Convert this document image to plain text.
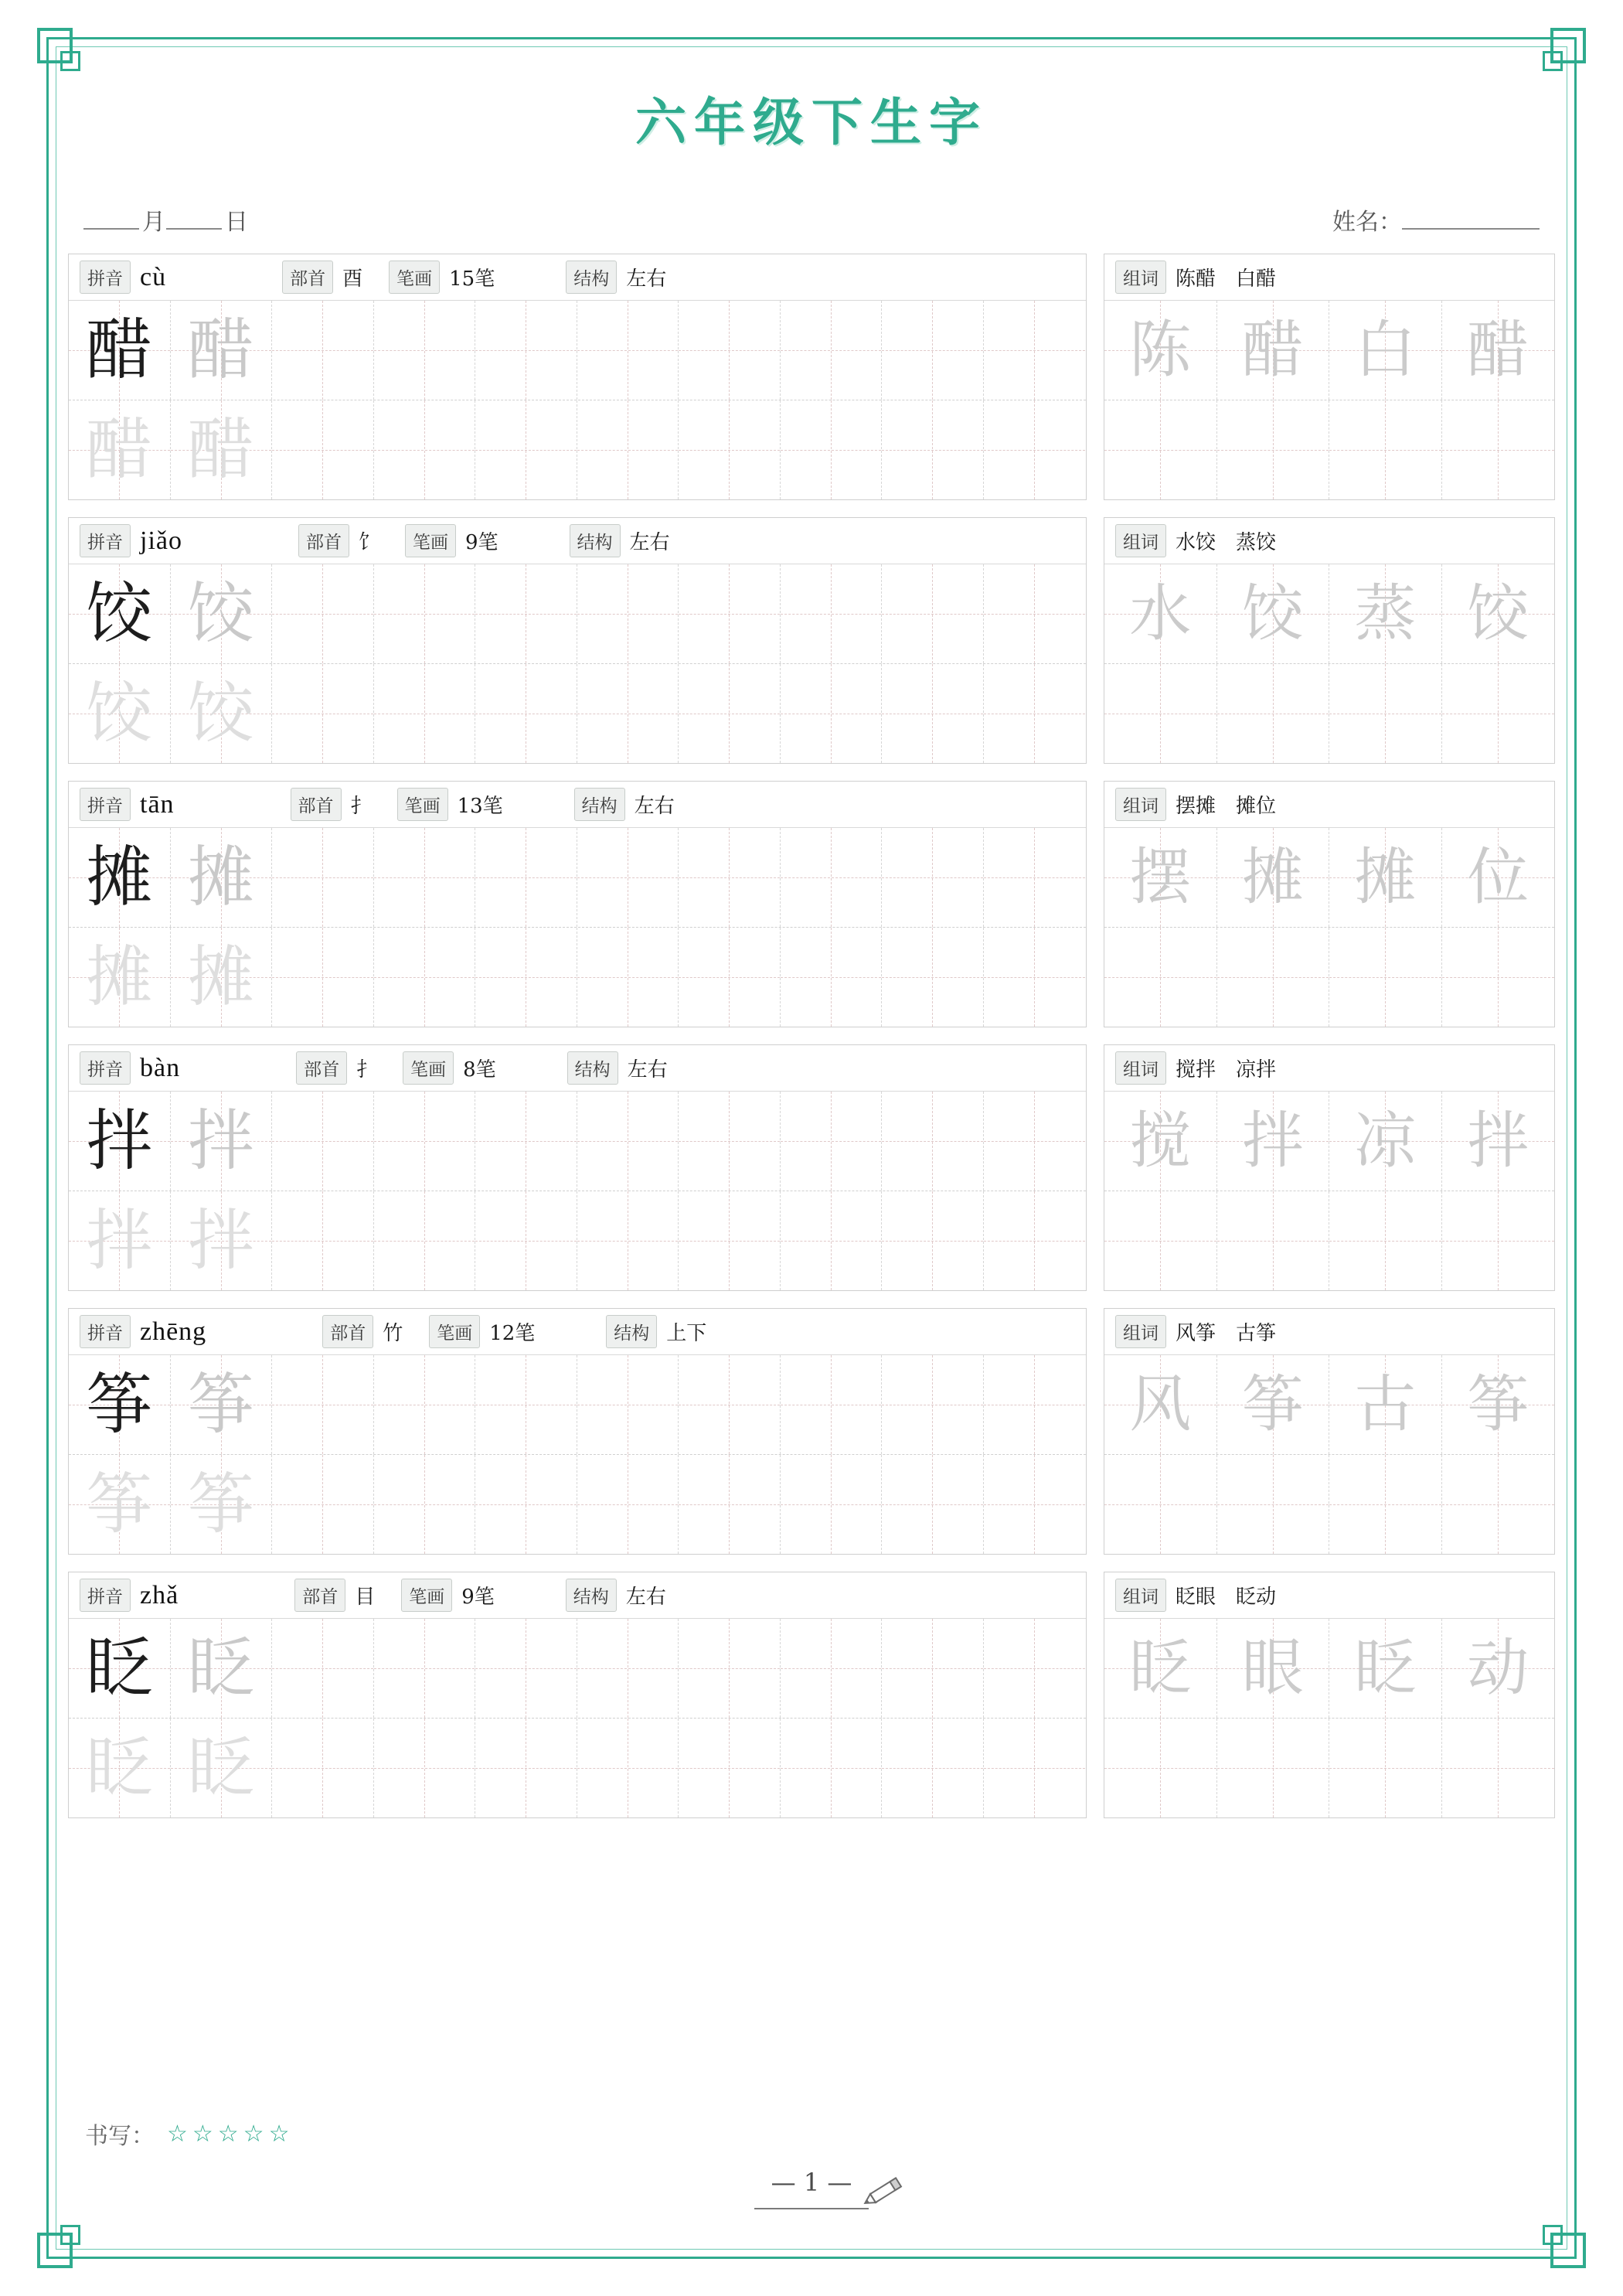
六年级下生字
月	日	姓名：
拼音 cù	部首 酉	笔画 15笔	结构 左右
醋 醋
醋 醋
组词 陈醋　白醋
陈 醋 白 醋
拼音 jiǎo	部首 饣	笔画 9笔	结构 左右
饺 饺
饺 饺
组词 水饺　蒸饺
水 饺 蒸 饺
拼音 tān	部首 扌	笔画 13笔	结构 左右
摊 摊
摊 摊
组词 摆摊　摊位
摆 摊 摊 位
拼音 bàn	部首 扌	笔画 8笔	结构 左右
拌 拌
拌 拌
组词 搅拌　凉拌
搅 拌 凉 拌
拼音 zhēng	部首 竹	笔画 12笔	结构 上下
筝 筝
筝 筝
组词 风筝　古筝
风 筝 古 筝
拼音 zhǎ	部首 目	笔画 9笔	结构 左右
眨 眨
眨 眨
组词 眨眼　眨动
眨 眼 眨 动
书写： ☆☆☆☆☆
— 1 —
